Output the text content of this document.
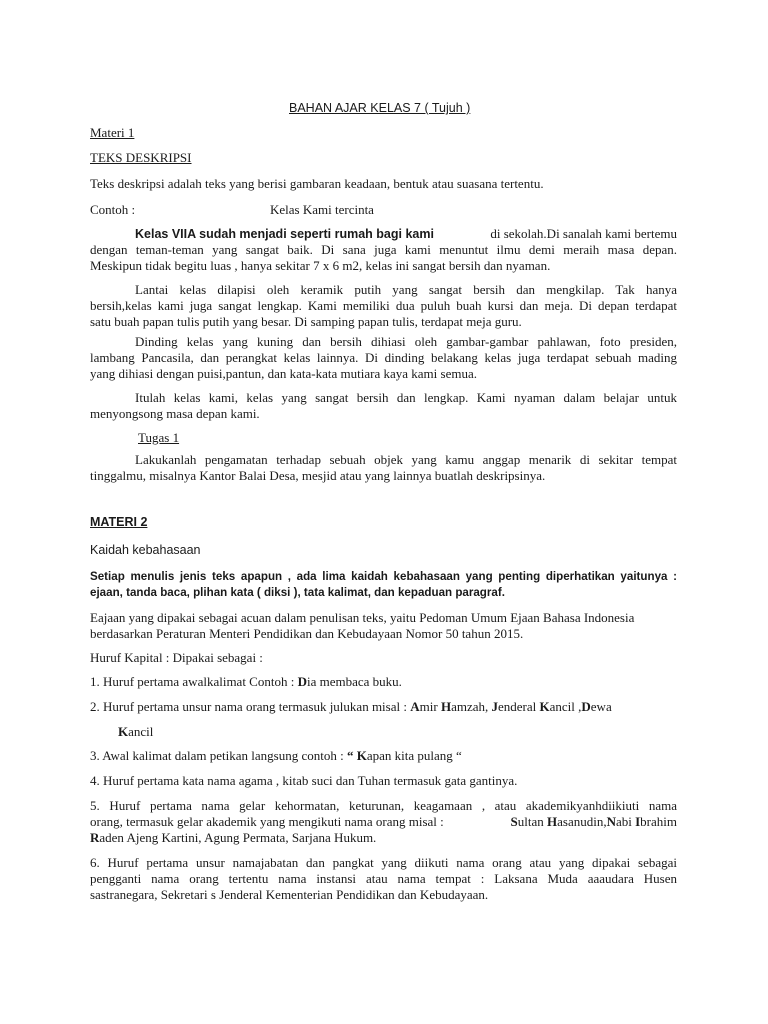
BAHAN AJAR KELAS 7 ( Tujuh )
Materi 1
TEKS DESKRIPSI
Teks deskripsi adalah teks yang berisi gambaran keadaan, bentuk atau suasana tertentu.
Contoh :	Kelas Kami tercinta
Kelas VIIA sudah menjadi seperti rumah bagi kami	di sekolah.Di sanalah kami bertemu
dengan teman-teman yang sangat baik. Di sana juga kami menuntut ilmu demi meraih masa depan.
Meskipun tidak begitu luas , hanya sekitar 7 x 6 m2, kelas ini sangat bersih dan nyaman.
Lantai kelas dilapisi oleh keramik putih yang sangat bersih dan mengkilap. Tak hanya
bersih,kelas kami juga sangat lengkap. Kami memiliki dua puluh buah kursi dan meja. Di depan terdapat
satu buah papan tulis putih yang besar. Di samping papan tulis, terdapat meja guru.
Dinding kelas yang kuning dan bersih dihiasi oleh gambar-gambar pahlawan, foto presiden,
lambang Pancasila, dan perangkat kelas lainnya. Di dinding belakang kelas juga terdapat sebuah mading
yang dihiasi dengan puisi,pantun, dan kata-kata mutiara kaya kami semua.
Itulah kelas kami, kelas yang sangat bersih dan lengkap. Kami nyaman dalam belajar untuk
menyongsong masa depan kami.
Tugas 1
Lakukanlah pengamatan terhadap sebuah objek yang kamu anggap menarik di sekitar tempat
tinggalmu, misalnya Kantor Balai Desa, mesjid atau yang lainnya buatlah deskripsinya.
MATERI 2
Kaidah kebahasaan
Setiap menulis jenis teks apapun , ada lima kaidah kebahasaan yang penting diperhatikan yaitunya :
ejaan, tanda baca, plihan kata ( diksi ), tata kalimat, dan kepaduan paragraf.
Eajaan yang dipakai sebagai acuan dalam penulisan teks, yaitu Pedoman Umum Ejaan Bahasa Indonesia
berdasarkan Peraturan Menteri Pendidikan dan Kebudayaan Nomor 50 tahun 2015.
Huruf Kapital : Dipakai sebagai :
1. Huruf pertama awalkalimat Contoh : Dia membaca buku.
2. Huruf pertama unsur nama orang termasuk julukan misal : Amir Hamzah, Jenderal Kancil ,Dewa
Kancil
3. Awal kalimat dalam petikan langsung contoh : “ Kapan kita pulang “
4. Huruf pertama kata nama agama , kitab suci dan Tuhan termasuk gata gantinya.
5. Huruf pertama nama gelar kehormatan, keturunan, keagamaan , atau akademikyanhdiikiuti nama
orang, termasuk gelar akademik yang mengikuti nama orang misal :	Sultan Hasanudin,Nabi Ibrahim
Raden Ajeng Kartini, Agung Permata, Sarjana Hukum.
6. Huruf pertama unsur namajabatan dan pangkat yang diikuti nama orang atau yang dipakai sebagai
pengganti nama orang tertentu nama instansi atau nama tempat : Laksana Muda aaaudara Husen
sastranegara, Sekretari s Jenderal Kementerian Pendidikan dan Kebudayaan.
